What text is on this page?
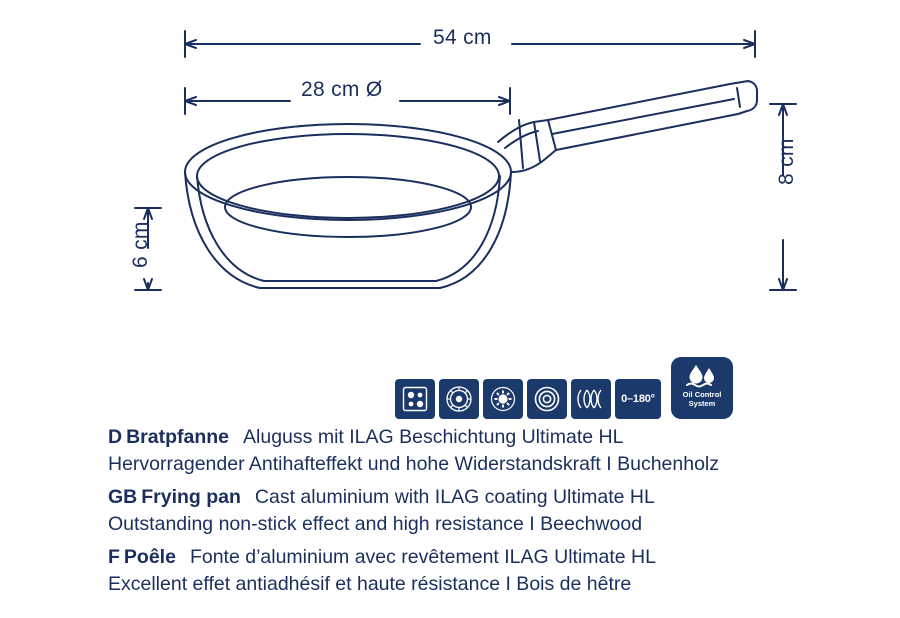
54 cm
28 cm Ø
8 cm
6 cm
0–180°	Oil Control
System
D Bratpfanne Aluguss mit ILAG Beschichtung Ultimate HL
Hervorragender Antihafteffekt und hohe Widerstandskraft I Buchenholz
GB Frying pan Cast aluminium with ILAG coating Ultimate HL
Outstanding non-stick effect and high resistance I Beechwood
F Poêle Fonte d’aluminium avec revêtement ILAG Ultimate HL
Excellent effet antiadhésif et haute résistance I Bois de hêtre
